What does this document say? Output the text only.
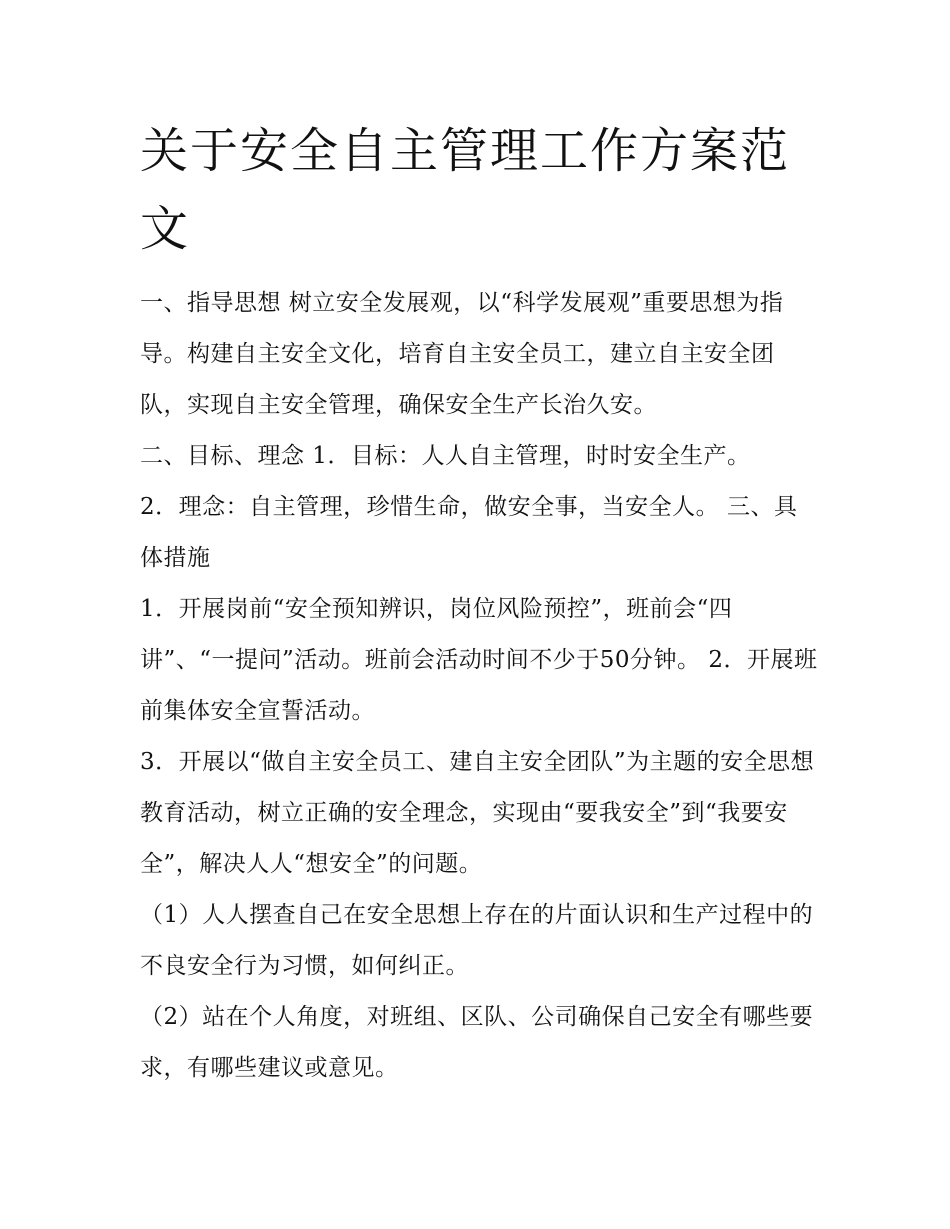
关于安全自主管理工作方案范文

一、指导思想 树立安全发展观，以“科学发展观”重要思想为指导。构建自主安全文化，培育自主安全员工，建立自主安全团队，实现自主安全管理，确保安全生产长治久安。

二、目标、理念 1．目标：人人自主管理，时时安全生产。

2．理念：自主管理，珍惜生命，做安全事，当安全人。 三、具体措施

1．开展岗前“安全预知辨识，岗位风险预控”，班前会“四讲”、“一提问”活动。班前会活动时间不少于50分钟。 2．开展班前集体安全宣誓活动。

3．开展以“做自主安全员工、建自主安全团队”为主题的安全思想教育活动，树立正确的安全理念，实现由“要我安全”到“我要安全”，解决人人“想安全”的问题。

（1）人人摆查自己在安全思想上存在的片面认识和生产过程中的不良安全行为习惯，如何纠正。

（2）站在个人角度，对班组、区队、公司确保自己安全有哪些要求，有哪些建议或意见。
